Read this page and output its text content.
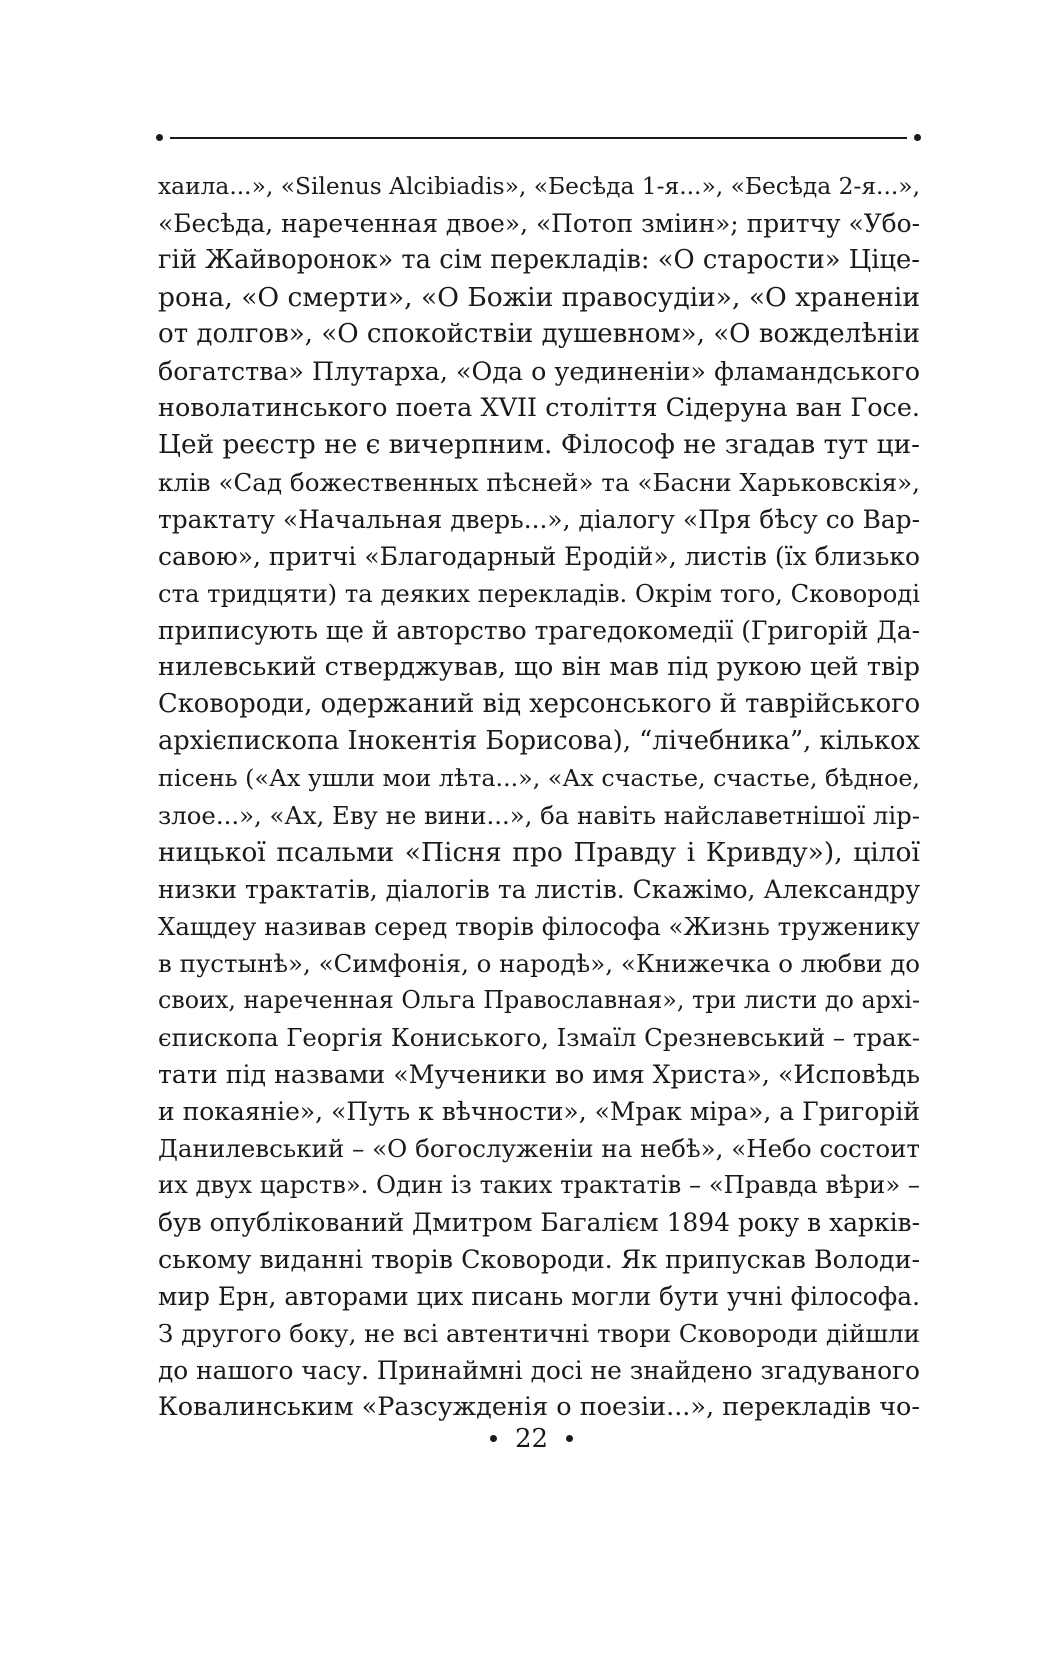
хаила...», «Silenus Alcibiadis», «Бесѣда 1-я...», «Бесѣда 2-я...»,
«Бесѣда, нареченная двое», «Потоп зміин»; притчу «Убо-
гій Жайворонок» та сім перекладів: «О старости» Ціце-
рона, «О смерти», «О Божіи правосудіи», «О храненіи
от долгов», «О спокойствіи душевном», «О вожделѣніи
богатства» Плутарха, «Ода о уединеніи» фламандського
новолатинського поета XVII століття Сідеруна ван Госе.
Цей реєстр не є вичерпним. Філософ не згадав тут ци-
клів «Сад божественных пѣсней» та «Басни Харьковскія»,
трактату «Начальная дверь...», діалогу «Пря бѣсу со Вар-
савою», притчі «Благодарный Еродій», листів (їх близько
ста тридцяти) та деяких перекладів. Окрім того, Сковороді
приписують ще й авторство трагедокомедії (Григорій Да-
нилевський стверджував, що він мав під рукою цей твір
Сковороди, одержаний від херсонського й таврійського
архієпископа Інокентія Борисова), “лічебника”, кількох
пісень («Ах ушли мои лѣта...», «Ах счастье, счастье, бѣдное,
злое...», «Ах, Еву не вини...», ба навіть найславетнішої лір-
ницької псальми «Пісня про Правду і Кривду»), цілої
низки трактатів, діалогів та листів. Скажімо, Александру
Хащдеу називав серед творів філософа «Жизнь труженику
в пустынѣ», «Симфонія, о народѣ», «Книжечка о любви до
своих, нареченная Ольга Православная», три листи до архі-
єпископа Георгія Кониського, Ізмаїл Срезневський – трак-
тати під назвами «Мученики во имя Христа», «Исповѣдь
и покаяніе», «Путь к вѣчности», «Мрак міра», а Григорій
Данилевський – «О богослуженіи на небѣ», «Небо состоит
их двух царств». Один із таких трактатів – «Правда вѣри» –
був опублікований Дмитром Багалієм 1894 року в харків-
ському виданні творів Сковороди. Як припускав Володи-
мир Ерн, авторами цих писань могли бути учні філософа.
З другого боку, не всі автентичні твори Сковороди дійшли
до нашого часу. Принаймні досі не знайдено згадуваного
Ковалинським «Разсужденія о поезіи...», перекладів чо-
22
